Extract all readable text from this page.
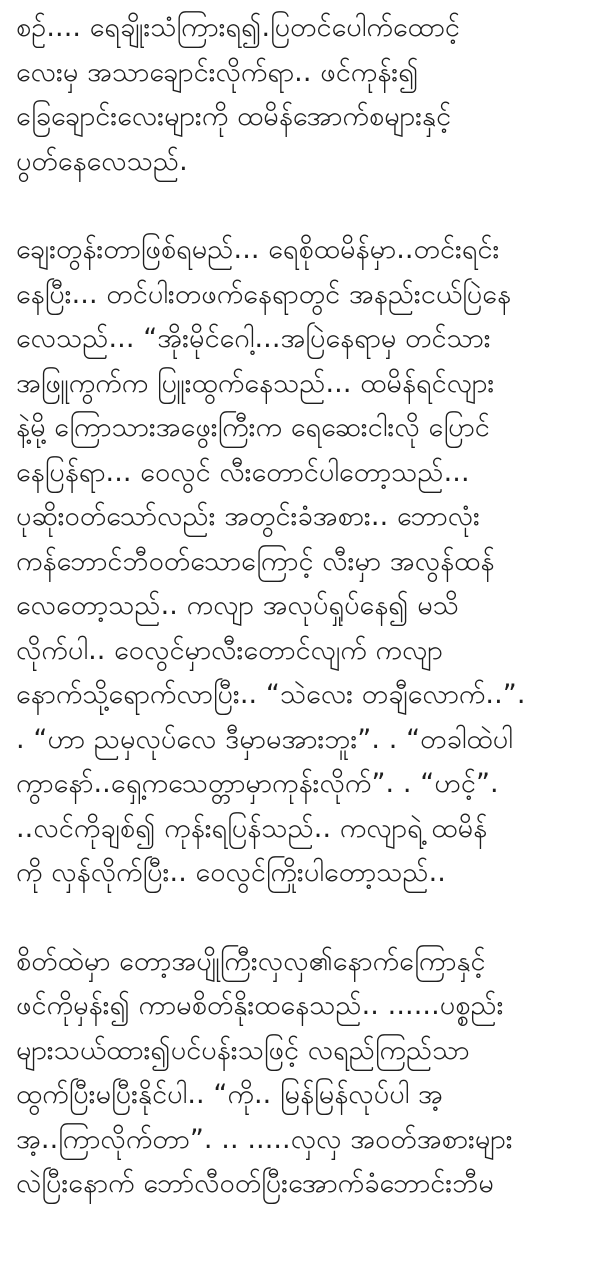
စဉ်.... ရေချိုးသံကြားရ၍.ပြတင်ပေါက်ထောင့်
လေးမှ အသာချောင်းလိုက်ရာ.. ဖင်ကုန်း၍
ခြေချောင်းလေးများကို ထမိန်အောက်စများနှင့်
ပွတ်နေလေသည်.
ချေးတွန်းတာဖြစ်ရမည်... ရေစိုထမိန်မှာ..တင်းရင်း
နေပြီး... တင်ပါးတဖက်နေရာတွင် အနည်းငယ်ပြဲနေ
လေသည်... “အိုးမိုင်ဂေါ့...အပြဲနေရာမှ တင်သား
အဖြူကွက်က ပြူးထွက်နေသည်... ထမိန်ရင်လျား
နဲ့မို့ ကြောသားအဖွေးကြီးက ရေဆေးငါးလို ပြောင်
နေပြန်ရာ... ဝေလွင် လီးတောင်ပါတော့သည်...
ပုဆိုးဝတ်သော်လည်း အတွင်းခံအစား.. ဘောလုံး
ကန်ဘောင်ဘီဝတ်သောကြောင့် လီးမှာ အလွန်ထန်
လေတော့သည်.. ကလျာ အလုပ်ရှုပ်နေ၍ မသိ
လိုက်ပါ.. ဝေလွင်မှာလီးတောင်လျက် ကလျာ
နောက်သို့ရောက်လာပြီး.. “သဲလေး တချီလောက်..”.
. “ဟာ ညမှလုပ်လေ ဒီမှာမအားဘူး”. . “တခါထဲပါ
ကွာနော်..ရှေ့ကသေတ္တာမှာကုန်းလိုက်”. . “ဟင့်”.
..လင်ကိုချစ်၍ ကုန်းရပြန်သည်.. ကလျာရဲ့ ထမိန်
ကို လှန်လိုက်ပြီး.. ဝေလွင်ကြိုးပါတော့သည်..
စိတ်ထဲမှာ တော့အပျိုကြီးလှလှ၏နောက်ကြောနှင့်
ဖင်ကိုမှန်း၍ ကာမစိတ်နိုးထနေသည်.. ......ပစ္စည်း
များသယ်ထား၍ပင်ပန်းသဖြင့် လရည်ကြည်သာ
ထွက်ပြီးမပြီးနိုင်ပါ.. “ကို.. မြန်မြန်လုပ်ပါ အ့
အ့..ကြာလိုက်တာ”. .. .....လှလှ အဝတ်အစားများ
လဲပြီးနောက် ဘော်လီဝတ်ပြီးအောက်ခံဘောင်းဘီမ
